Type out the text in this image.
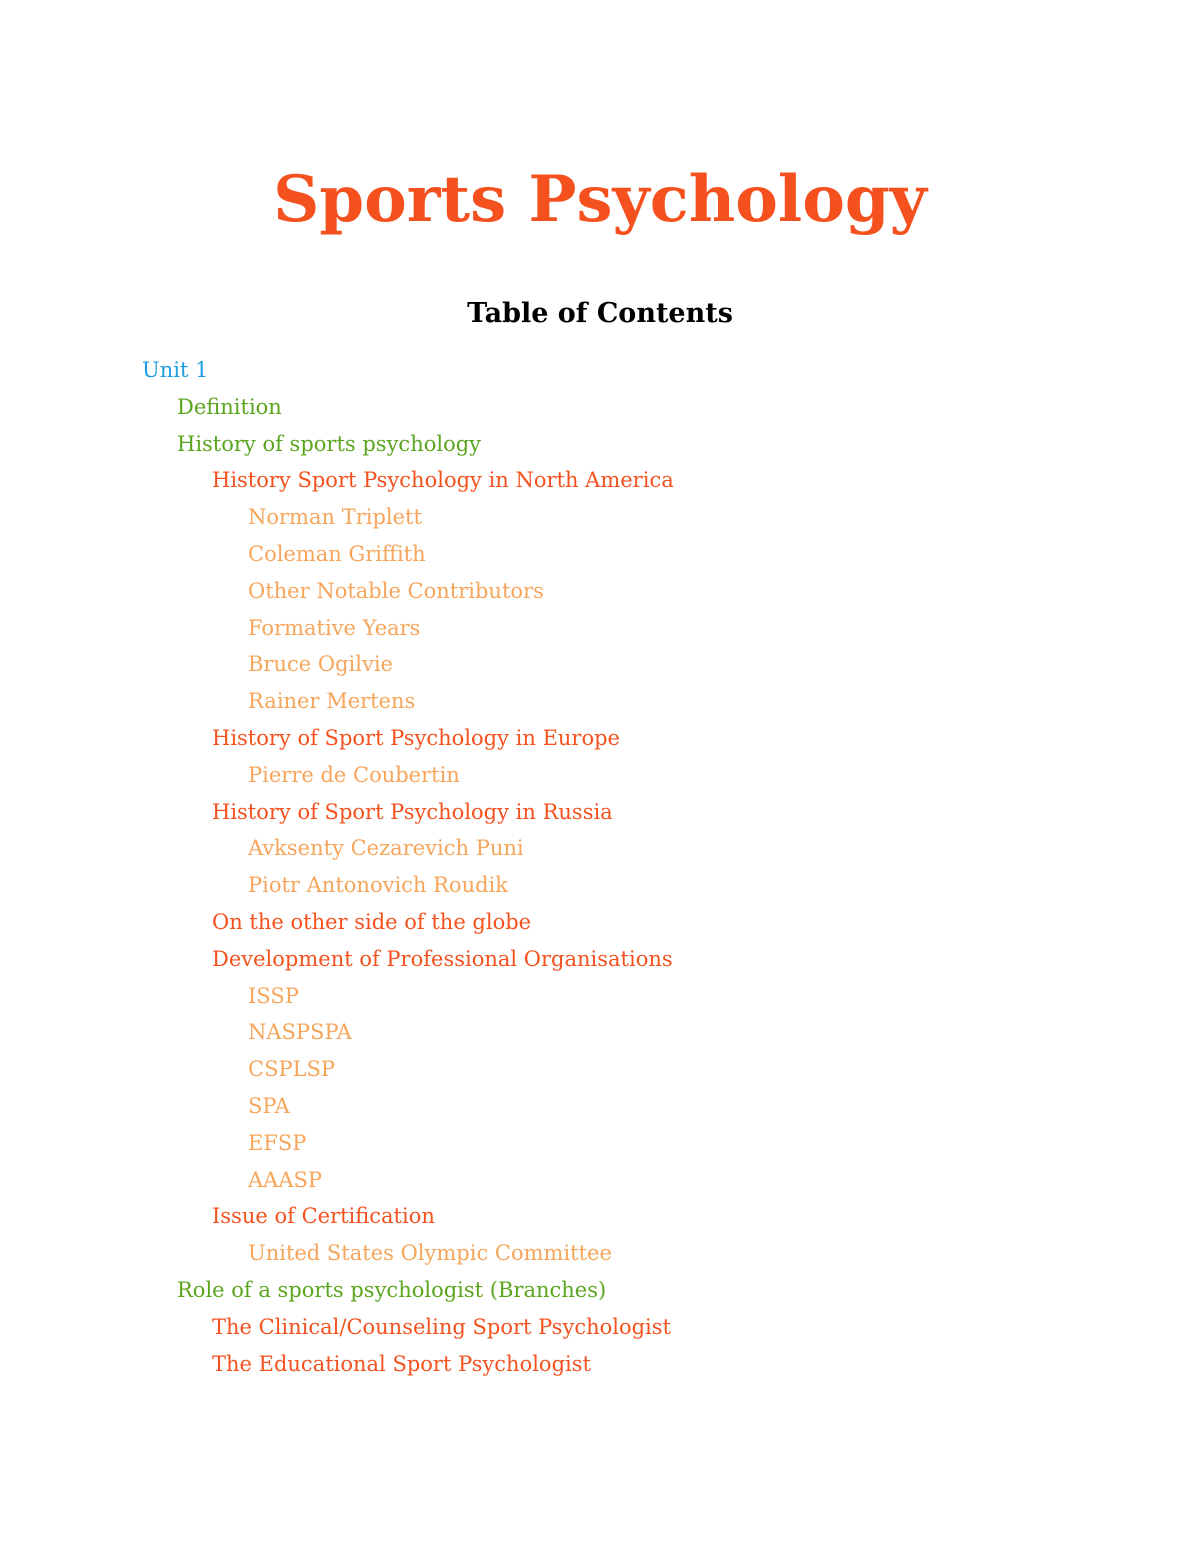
Sports Psychology
Table of Contents
Unit 1
Definition
History of sports psychology
History Sport Psychology in North America
Norman Triplett
Coleman Griffith
Other Notable Contributors
Formative Years
Bruce Ogilvie
Rainer Mertens
History of Sport Psychology in Europe
Pierre de Coubertin
History of Sport Psychology in Russia
Avksenty Cezarevich Puni
Piotr Antonovich Roudik
On the other side of the globe
Development of Professional Organisations
ISSP
NASPSPA
CSPLSP
SPA
EFSP
AAASP
Issue of Certification
United States Olympic Committee
Role of a sports psychologist (Branches)
The Clinical/Counseling Sport Psychologist
The Educational Sport Psychologist
